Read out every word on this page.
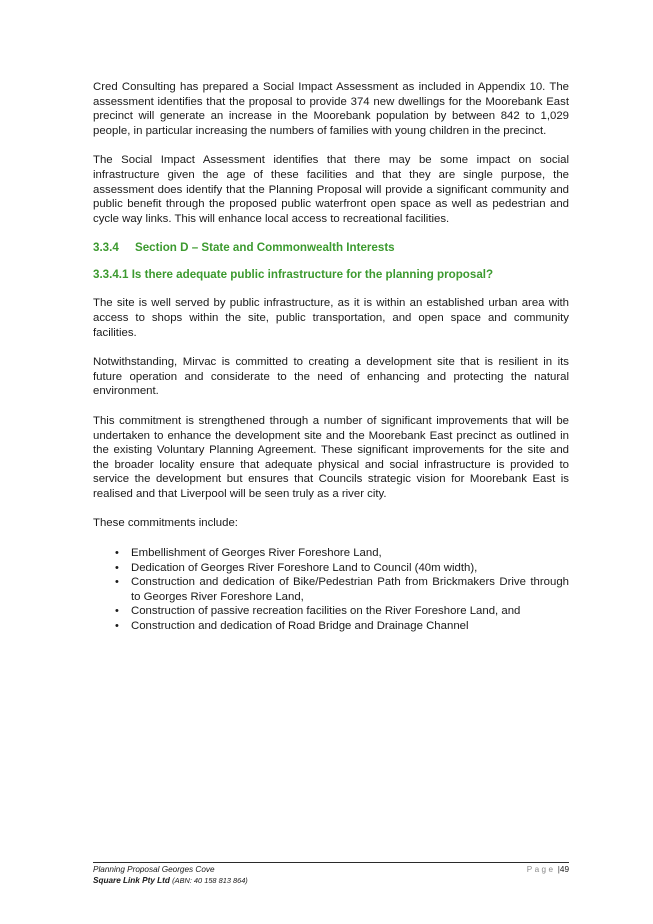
Cred Consulting has prepared a Social Impact Assessment as included in Appendix 10. The assessment identifies that the proposal to provide 374 new dwellings for the Moorebank East precinct will generate an increase in the Moorebank population by between 842 to 1,029 people, in particular increasing the numbers of families with young children in the precinct.

The Social Impact Assessment identifies that there may be some impact on social infrastructure given the age of these facilities and that they are single purpose, the assessment does identify that the Planning Proposal will provide a significant community and public benefit through the proposed public waterfront open space as well as pedestrian and cycle way links. This will enhance local access to recreational facilities.

3.3.4 Section D – State and Commonwealth Interests
3.3.4.1 Is there adequate public infrastructure for the planning proposal?

The site is well served by public infrastructure, as it is within an established urban area with access to shops within the site, public transportation, and open space and community facilities.

Notwithstanding, Mirvac is committed to creating a development site that is resilient in its future operation and considerate to the need of enhancing and protecting the natural environment.

This commitment is strengthened through a number of significant improvements that will be undertaken to enhance the development site and the Moorebank East precinct as outlined in the existing Voluntary Planning Agreement. These significant improvements for the site and the broader locality ensure that adequate physical and social infrastructure is provided to service the development but ensures that Councils strategic vision for Moorebank East is realised and that Liverpool will be seen truly as a river city.

These commitments include:

• Embellishment of Georges River Foreshore Land,
• Dedication of Georges River Foreshore Land to Council (40m width),
• Construction and dedication of Bike/Pedestrian Path from Brickmakers Drive through to Georges River Foreshore Land,
• Construction of passive recreation facilities on the River Foreshore Land, and
• Construction and dedication of Road Bridge and Drainage Channel
Planning Proposal Georges Cove	Page |49
Square Link Pty Ltd (ABN: 40 158 813 864)
